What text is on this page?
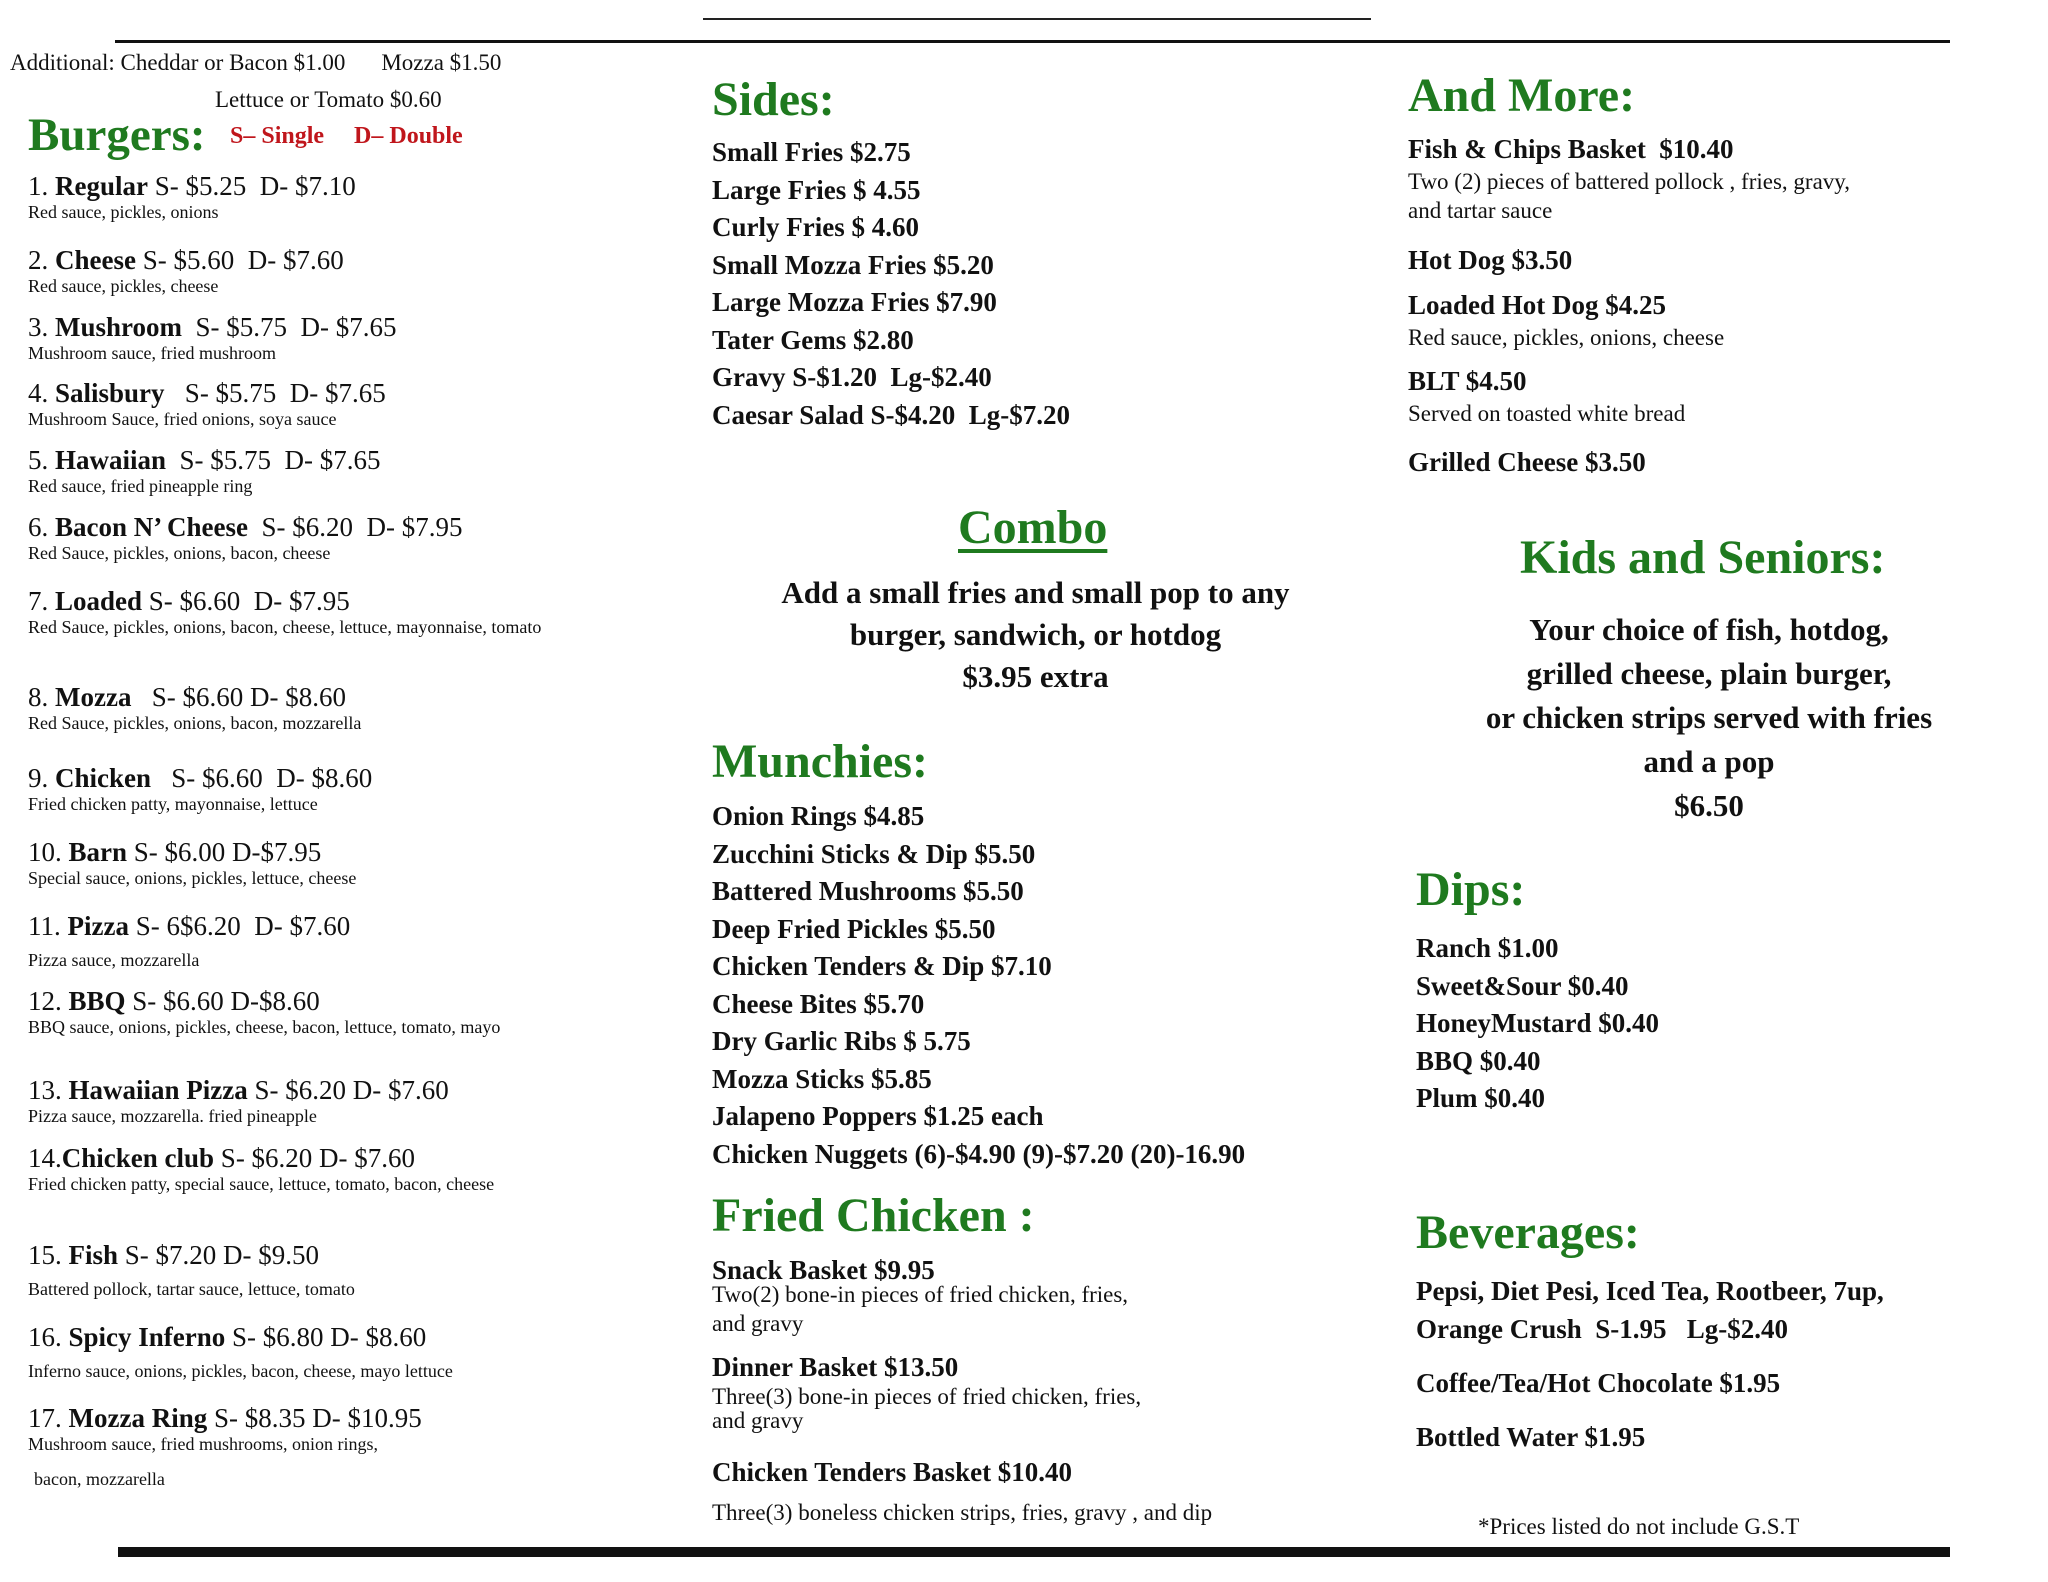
Additional: Cheddar or Bacon $1.00 Mozza $1.50
Lettuce or Tomato $0.60
Burgers: S– Single D– Double
1. Regular S- $5.25  D- $7.10
Red sauce, pickles, onions
2. Cheese S- $5.60  D- $7.60
Red sauce, pickles, cheese
3. Mushroom  S- $5.75  D- $7.65
Mushroom sauce, fried mushroom
4. Salisbury   S- $5.75  D- $7.65
Mushroom Sauce, fried onions, soya sauce
5. Hawaiian  S- $5.75  D- $7.65
Red sauce, fried pineapple ring
6. Bacon N’ Cheese  S- $6.20  D- $7.95
Red Sauce, pickles, onions, bacon, cheese
7. Loaded S- $6.60  D- $7.95
Red Sauce, pickles, onions, bacon, cheese, lettuce, mayonnaise, tomato
8. Mozza   S- $6.60 D- $8.60
Red Sauce, pickles, onions, bacon, mozzarella
9. Chicken   S- $6.60  D- $8.60
Fried chicken patty, mayonnaise, lettuce
10. Barn S- $6.00 D-$7.95
Special sauce, onions, pickles, lettuce, cheese
11. Pizza S- 6$6.20  D- $7.60
Pizza sauce, mozzarella
12. BBQ S- $6.60 D-$8.60
BBQ sauce, onions, pickles, cheese, bacon, lettuce, tomato, mayo
13. Hawaiian Pizza S- $6.20 D- $7.60
Pizza sauce, mozzarella. fried pineapple
14.Chicken club S- $6.20 D- $7.60
Fried chicken patty, special sauce, lettuce, tomato, bacon, cheese
15. Fish S- $7.20 D- $9.50
Battered pollock, tartar sauce, lettuce, tomato
16. Spicy Inferno S- $6.80 D- $8.60
Inferno sauce, onions, pickles, bacon, cheese, mayo lettuce
17. Mozza Ring S- $8.35 D- $10.95
Mushroom sauce, fried mushrooms, onion rings,
bacon, mozzarella
Sides:
Small Fries $2.75
Large Fries $ 4.55
Curly Fries $ 4.60
Small Mozza Fries $5.20
Large Mozza Fries $7.90
Tater Gems $2.80
Gravy S-$1.20  Lg-$2.40
Caesar Salad S-$4.20  Lg-$7.20
Combo
Add a small fries and small pop to any
burger, sandwich, or hotdog
$3.95 extra
Munchies:
Onion Rings $4.85
Zucchini Sticks & Dip $5.50
Battered Mushrooms $5.50
Deep Fried Pickles $5.50
Chicken Tenders & Dip $7.10
Cheese Bites $5.70
Dry Garlic Ribs $ 5.75
Mozza Sticks $5.85
Jalapeno Poppers $1.25 each
Chicken Nuggets (6)-$4.90 (9)-$7.20 (20)-16.90
Fried Chicken :
Snack Basket $9.95
Two(2) bone-in pieces of fried chicken, fries,
and gravy
Dinner Basket $13.50
Three(3) bone-in pieces of fried chicken, fries,
and gravy
Chicken Tenders Basket $10.40
Three(3) boneless chicken strips, fries, gravy , and dip
And More:
Fish & Chips Basket  $10.40
Two (2) pieces of battered pollock , fries, gravy,
and tartar sauce
Hot Dog $3.50
Loaded Hot Dog $4.25
Red sauce, pickles, onions, cheese
BLT $4.50
Served on toasted white bread
Grilled Cheese $3.50
Kids and Seniors:
Your choice of fish, hotdog,
grilled cheese, plain burger,
or chicken strips served with fries
and a pop
$6.50
Dips:
Ranch $1.00
Sweet&Sour $0.40
HoneyMustard $0.40
BBQ $0.40
Plum $0.40
Beverages:
Pepsi, Diet Pesi, Iced Tea, Rootbeer, 7up,
Orange Crush  S-1.95   Lg-$2.40
Coffee/Tea/Hot Chocolate $1.95
Bottled Water $1.95
*Prices listed do not include G.S.T
